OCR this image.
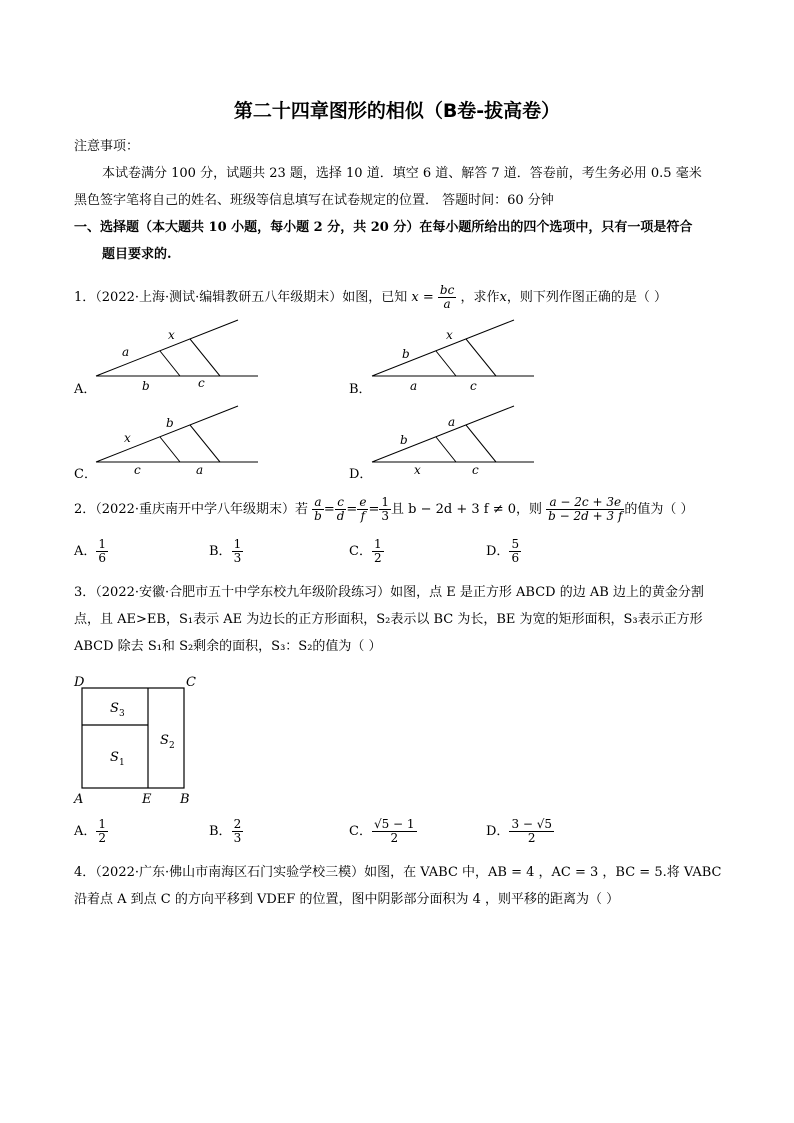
第二十四章图形的相似（B卷-拔高卷）
注意事项：
本试卷满分 100 分，试题共 23 题，选择 10 道．填空 6 道、解答 7 道．答卷前，考生务必用 0.5 毫米
黑色签字笔将自己的姓名、班级等信息填写在试卷规定的位置． 答题时间：60 分钟
一、选择题（本大题共 10 小题，每小题 2 分，共 20 分）在每小题所给出的四个选项中，只有一项是符合
题目要求的.
1．（2022·上海·测试·编辑教研五八年级期末）如图，已知 $x = \frac{bc}{a}$ ，求作x，则下列作图正确的是（ ）
A．
a
x
b	c	B．
b
x
a	c
C．
x
b
c	a	D．
b
a
x	c
2．（2022·重庆南开中学八年级期末）若 $\frac{a}{b} = \frac{c}{d} = \frac{e}{f} = \frac{1}{3}$ 且 b − 2d + 3 f ≠ 0，则 $\frac{a - 2c + 3e}{b - 2d + 3 f}$ 的值为（ ）
A． $\frac{1}{6}$	B． $\frac{1}{3}$	C． $\frac{1}{2}$	D． $\frac{5}{6}$
3．（2022·安徽·合肥市五十中学东校九年级阶段练习）如图，点 E 是正方形 ABCD 的边 AB 边上的黄金分割
点，且 AE>EB，S₁表示 AE 为边长的正方形面积，S₂表示以 BC 为长，BE 为宽的矩形面积，S₃表示正方形
ABCD 除去 S₁和 S₂剩余的面积，S₃：S₂的值为（ ）
D	C
A	E B
S 3
S 1
S 2
A． $\frac{1}{2}$	B． $\frac{2}{3}$	C． $\frac{√5 - 1}{2}$	D． $\frac{3 - √5}{2}$
4．（2022·广东·佛山市南海区石门实验学校三模）如图，在 VABC 中，AB = 4 ，AC = 3 ，BC = 5.将 VABC
沿着点 A 到点 C 的方向平移到 VDEF 的位置，图中阴影部分面积为 4 ，则平移的距离为（ ）
